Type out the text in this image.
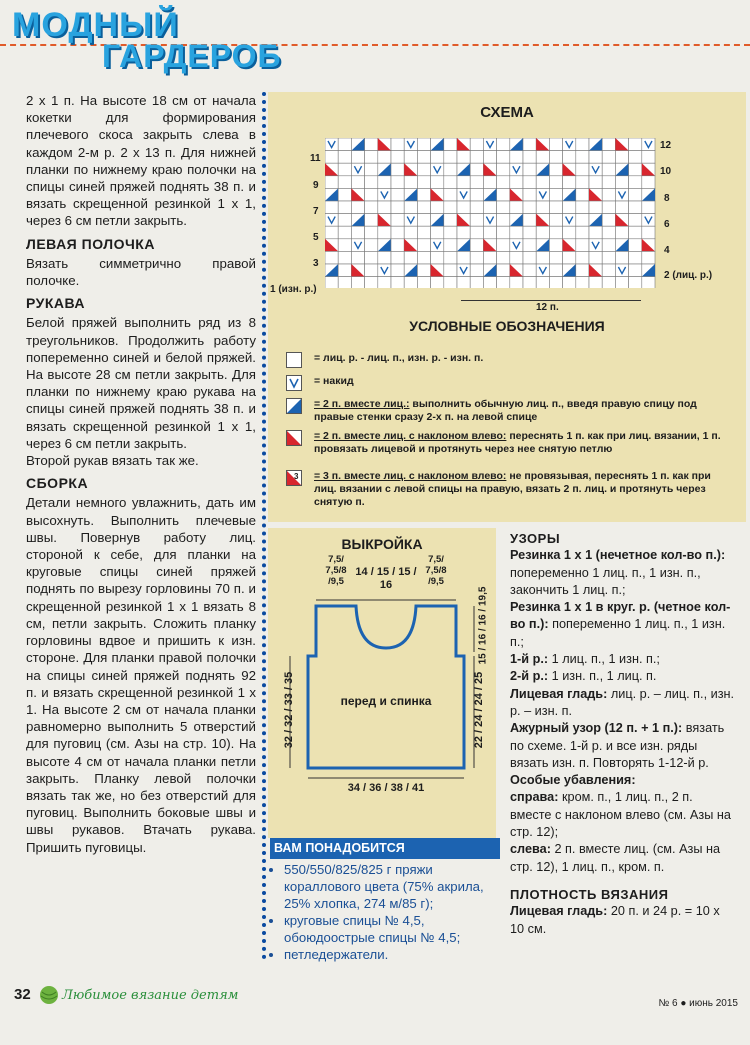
МОДНЫЙ
ГАРДЕРОБ

2 х 1 п. На высоте 18 см от начала кокетки для формирования плечевого скоса закрыть слева в каждом 2-м р. 2 х 13 п. Для нижней планки по нижнему краю полочки на спицы синей пряжей поднять 38 п. и вязать скрещенной резинкой 1 х 1, через 6 см петли закрыть.

ЛЕВАЯ ПОЛОЧКА

Вязать симметрично правой полочке.

РУКАВА

Белой пряжей выполнить ряд из 8 треугольников. Продолжить работу попеременно синей и белой пряжей. На высоте 28 см петли закрыть. Для планки по нижнему краю рукава на спицы синей пряжей поднять 38 п. и вязать скрещенной резинкой 1 х 1, через 6 см петли закрыть.

Второй рукав вязать так же.

СБОРКА

Детали немного увлажнить, дать им высохнуть. Выполнить плечевые швы. Повернув работу лиц. стороной к себе, для планки на круговые спицы синей пряжей поднять по вырезу горловины 70 п. и скрещенной резинкой 1 х 1 вязать 8 см, петли закрыть. Сложить планку горловины вдвое и пришить к изн. стороне. Для планки правой полочки на спицы синей пряжей поднять 92 п. и вязать скрещенной резинкой 1 х 1. На высоте 2 см от начала планки равномерно выполнить 5 отверстий для пуговиц (см. Азы на стр. 10). На высоте 4 см от начала планки петли закрыть. Планку левой полочки вязать так же, но без отверстий для пуговиц. Выполнить боковые швы и швы рукавов. Втачать рукава. Пришить пуговицы.

СХЕМА
11
9
7
5
3
1 (изн. р.)
12
10
8
6
4
2 (лиц. р.)
12 п.
УСЛОВНЫЕ ОБОЗНАЧЕНИЯ
= лиц. р. - лиц. п., изн. р. - изн. п.
= накид
= 2 п. вместе лиц.: выполнить обычную лиц. п., введя правую спицу под правые стенки сразу 2-х п. на левой спице
= 2 п. вместе лиц. с наклоном влево: переснять 1 п. как при лиц. вязании, 1 п. провязать лицевой и протянуть через нее снятую петлю
3 = 3 п. вместе лиц. с наклоном влево: не провязывая, переснять 1 п. как при лиц. вязании с левой спицы на правую, вязать 2 п. лиц. и протянуть через снятую п.
ВЫКРОЙКА
7,5/ 7,5/8 /9,5
7,5/ 7,5/8 /9,5
14 / 15 / 15 / 16
32 / 32 / 33 / 35	22 / 24 / 24 / 25
15 / 16 / 16 / 19,5
перед и спинка
34 / 36 / 38 / 41
УЗОРЫ

Резинка 1 х 1 (нечетное кол-во п.): попеременно 1 лиц. п., 1 изн. п., закончить 1 лиц. п.;

Резинка 1 х 1 в круг. р. (четное кол-во п.): попеременно 1 лиц. п., 1 изн. п.;

1-й р.: 1 лиц. п., 1 изн. п.;

2-й р.: 1 изн. п., 1 лиц. п.

Лицевая гладь: лиц. р. – лиц. п., изн. р. – изн. п.

Ажурный узор (12 п. + 1 п.): вязать по схеме. 1-й р. и все изн. ряды вязать изн. п. Повторять 1-12-й р.

Особые убавления:

справа: кром. п., 1 лиц. п., 2 п. вместе с наклоном влево (см. Азы на стр. 12);

слева: 2 п. вместе лиц. (см. Азы на стр. 12), 1 лиц. п., кром. п.

ПЛОТНОСТЬ ВЯЗАНИЯ

Лицевая гладь: 20 п. и 24 р. = 10 х 10 см.

ВАМ ПОНАДОБИТСЯ
• 550/550/825/825 г пряжи кораллового цвета (75% акрила, 25% хлопка, 274 м/85 г);
• круговые спицы № 4,5, обоюдоострые спицы № 4,5;
• петледержатели.
32 Любимое вязание детям
№ 6 ● июнь 2015
